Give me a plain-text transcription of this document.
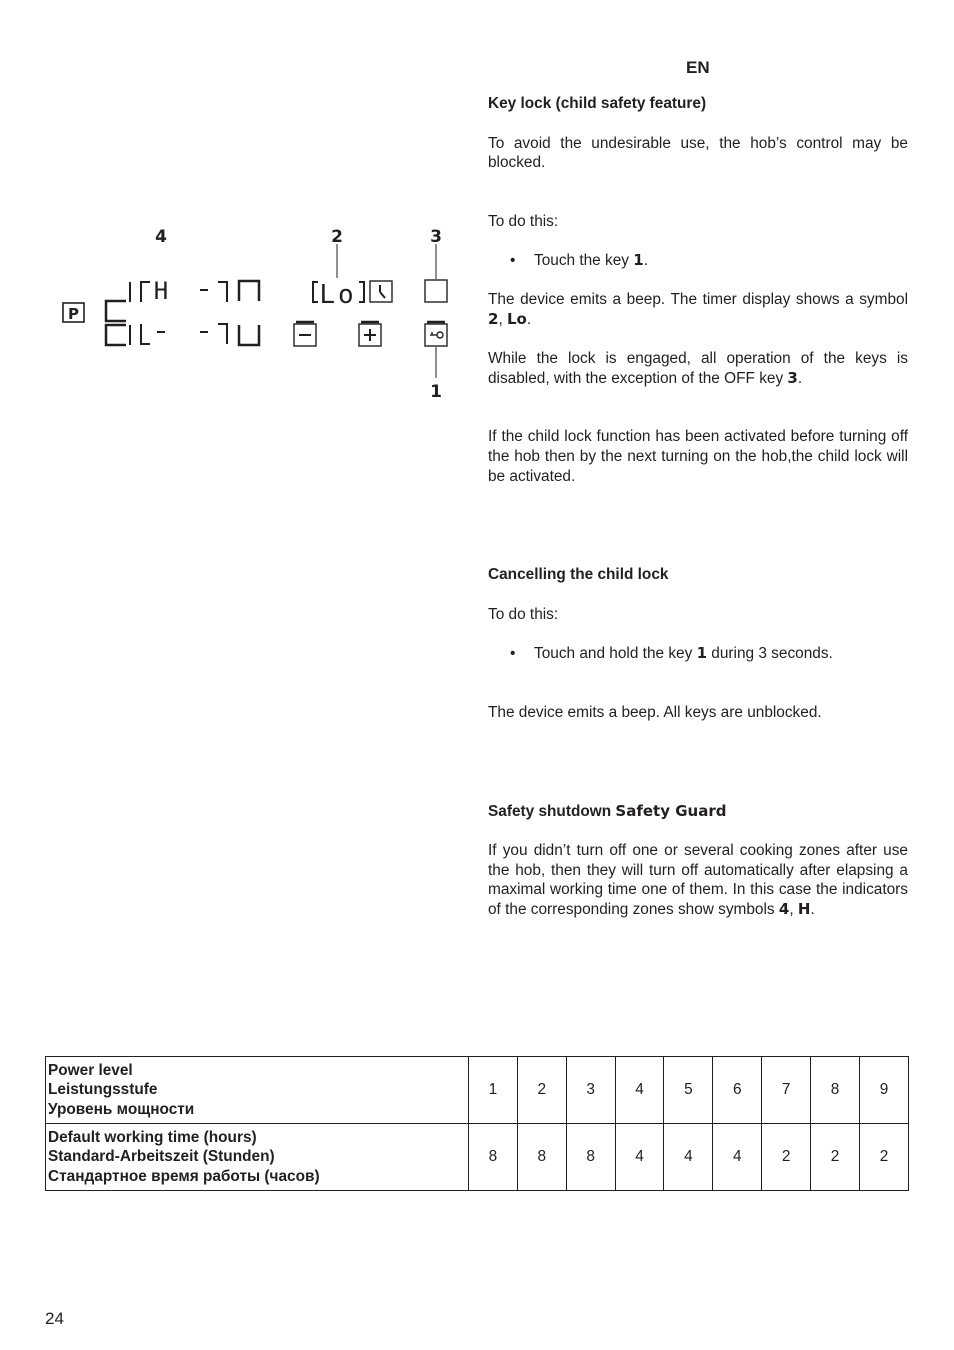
EN
4	2	3
1
P
H	Lo

Key lock (child safety feature)

To avoid the undesirable use, the hob’s control may be blocked.

To do this:

•	Touch the key 1.

The device emits a beep. The timer display shows a symbol 2, Lo.

While the lock is engaged, all operation of the keys is disabled, with the exception of the OFF key 3.

If the child lock function has been activated before turning off the hob then by the next turning on the hob,the child lock will be activated.

Cancelling the child lock

To do this:

•	Touch and hold the key 1 during 3 seconds.

The device emits a beep. All keys are unblocked.

Safety shutdown Safety Guard

If you didn’t turn off one or several cooking zones after use the hob, then they will turn off automatically after elapsing a maximal working time one of them. In this case the indicators of the corresponding zones show symbols 4, H.

Power level
Leistungsstufe
Уровень мощности	1	2	3	4	5	6	7	8	9

Default working time (hours)
Standard-Arbeitszeit (Stunden)
Стандартное время работы (часов)	8	8	8	4	4	4	2	2	2
24
